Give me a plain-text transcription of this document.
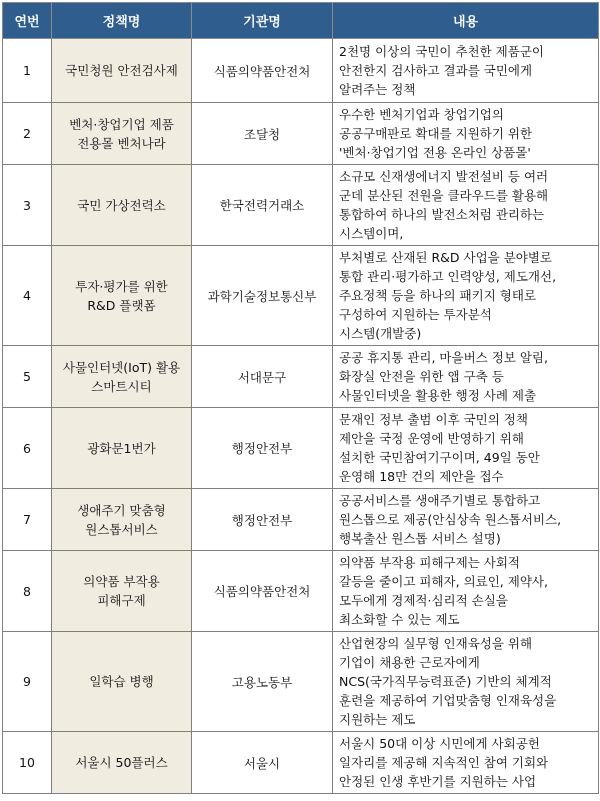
연번	정책명	기관명	내용
1	국민청원 안전검사제	식품의약품안전처	2천명 이상의 국민이 추천한 제품군이
안전한지 검사하고 결과를 국민에게
알려주는 정책

2	벤처·창업기업 제품
전용몰 벤처나라	조달청	우수한 벤처기업과 창업기업의
공공구매판로 확대를 지원하기 위한
'벤처·창업기업 전용 온라인 상품몰'

3	국민 가상전력소	한국전력거래소	소규모 신재생에너지 발전설비 등 여러
군데 분산된 전원을 클라우드를 활용해
통합하여 하나의 발전소처럼 관리하는
시스템이며,

4	투자·평가를 위한
R&D 플랫폼	과학기술정보통신부	부처별로 산재된 R&D 사업을 분야별로
통합 관리·평가하고 인력양성, 제도개선,
주요정책 등을 하나의 패키지 형태로
구성하여 지원하는 투자분석
시스템(개발중)

5	사물인터넷(IoT) 활용
스마트시티	서대문구	공공 휴지통 관리, 마을버스 정보 알림,
화장실 안전을 위한 앱 구축 등
사물인터넷을 활용한 행정 사례 제출

6	광화문1번가	행정안전부	문재인 정부 출범 이후 국민의 정책
제안을 국정 운영에 반영하기 위해
설치한 국민참여기구이며, 49일 동안
운영해 18만 건의 제안을 접수

7	생애주기 맞춤형
원스톱서비스	행정안전부	공공서비스를 생애주기별로 통합하고
원스톱으로 제공(안심상속 원스톱서비스,
행복출산 원스톱 서비스 설명)

8	의약품 부작용
피해구제	식품의약품안전처	의약품 부작용 피해구제는 사회적
갈등을 줄이고 피해자, 의료인, 제약사,
모두에게 경제적·심리적 손실을
최소화할 수 있는 제도

9	일학습 병행	고용노동부	산업현장의 실무형 인재육성을 위해
기업이 채용한 근로자에게
NCS(국가직무능력표준) 기반의 체계적
훈련을 제공하여 기업맞춤형 인재육성을
지원하는 제도

10	서울시 50플러스	서울시	서울시 50대 이상 시민에게 사회공헌
일자리를 제공해 지속적인 참여 기회와
안정된 인생 후반기를 지원하는 사업
